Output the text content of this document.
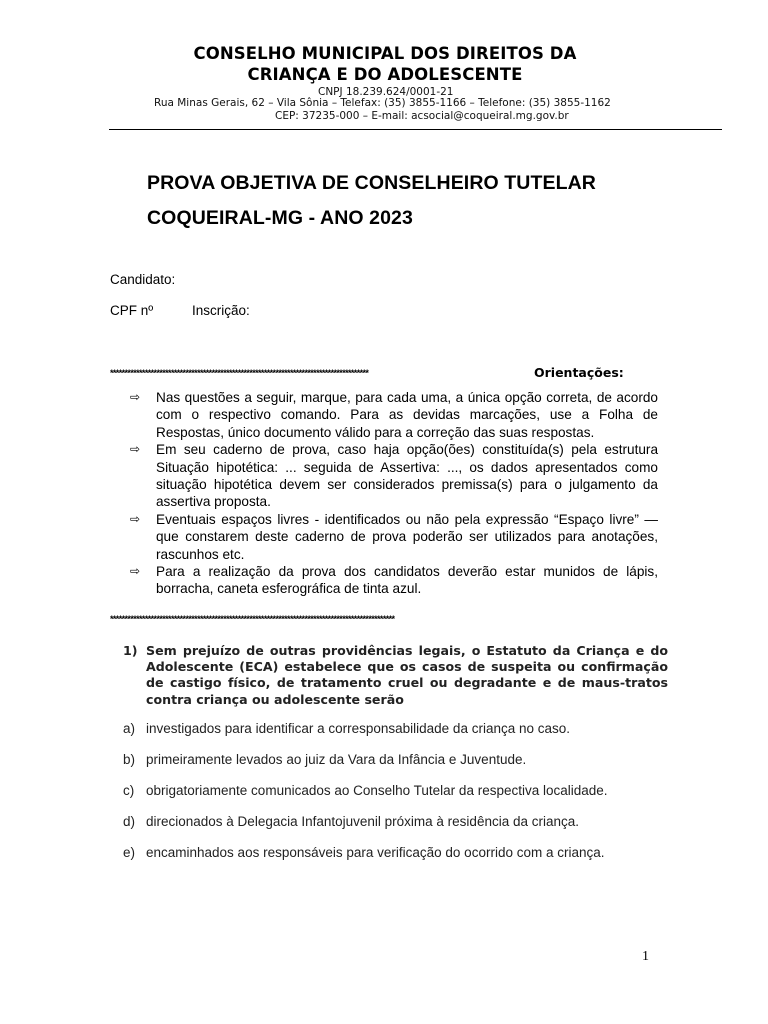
CONSELHO MUNICIPAL DOS DIREITOS DA
CRIANÇA E DO ADOLESCENTE
CNPJ 18.239.624/0001-21
Rua Minas Gerais, 62 – Vila Sônia – Telefax: (35) 3855-1166 – Telefone: (35) 3855-1162
CEP: 37235-000 – E-mail: acsocial@coqueiral.mg.gov.br
PROVA OBJETIVA DE CONSELHEIRO TUTELAR
COQUEIRAL-MG - ANO 2023
Candidato:
CPF nº	Inscrição:
*****************************************************************************************	Orientações:
⇨ Nas questões a seguir, marque, para cada uma, a única opção correta, de acordo com o respectivo comando. Para as devidas marcações, use a Folha de Respostas, único documento válido para a correção das suas respostas.
⇨ Em seu caderno de prova, caso haja opção(ões) constituída(s) pela estrutura Situação hipotética: ... seguida de Assertiva: ..., os dados apresentados como situação hipotética devem ser considerados premissa(s) para o julgamento da assertiva proposta.
⇨ Eventuais espaços livres - identificados ou não pela expressão “Espaço livre” — que constarem deste caderno de prova poderão ser utilizados para anotações, rascunhos etc.
⇨ Para a realização da prova dos candidatos deverão estar munidos de lápis, borracha, caneta esferográfica de tinta azul.
**************************************************************************************************
1) Sem prejuízo de outras providências legais, o Estatuto da Criança e do Adolescente (ECA) estabelece que os casos de suspeita ou confirmação de castigo físico, de tratamento cruel ou degradante e de maus-tratos contra criança ou adolescente serão
a) investigados para identificar a corresponsabilidade da criança no caso.
b) primeiramente levados ao juiz da Vara da Infância e Juventude.
c) obrigatoriamente comunicados ao Conselho Tutelar da respectiva localidade.
d) direcionados à Delegacia Infantojuvenil próxima à residência da criança.
e) encaminhados aos responsáveis para verificação do ocorrido com a criança.
1
